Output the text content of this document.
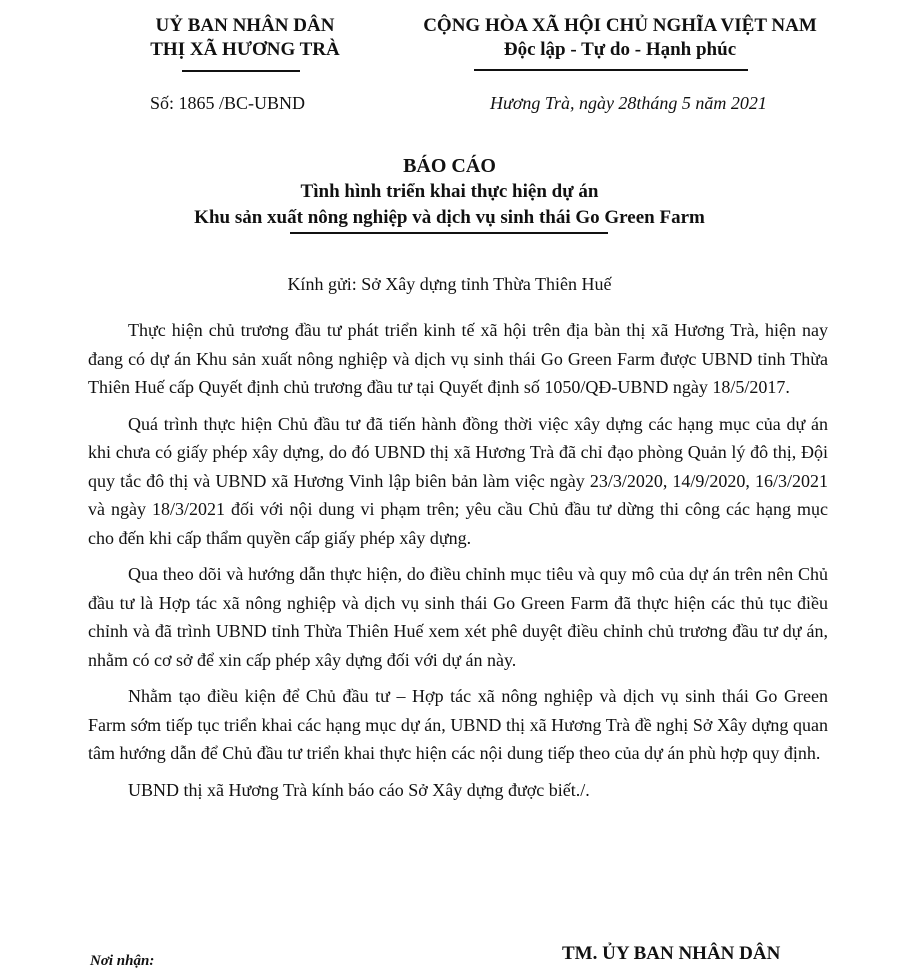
UỶ BAN NHÂN DÂN
THỊ XÃ HƯƠNG TRÀ
CỘNG HÒA XÃ HỘI CHỦ NGHĨA VIỆT NAM
Độc lập - Tự do - Hạnh phúc
Số: 1865 /BC-UBND	Hương Trà, ngày 28tháng 5 năm 2021
BÁO CÁO
Tình hình triển khai thực hiện dự án
Khu sản xuất nông nghiệp và dịch vụ sinh thái Go Green Farm
Kính gửi: Sở Xây dựng tỉnh Thừa Thiên Huế

Thực hiện chủ trương đầu tư phát triển kinh tế xã hội trên địa bàn thị xã Hương Trà, hiện nay đang có dự án Khu sản xuất nông nghiệp và dịch vụ sinh thái Go Green Farm được UBND tỉnh Thừa Thiên Huế cấp Quyết định chủ trương đầu tư tại Quyết định số 1050/QĐ-UBND ngày 18/5/2017.

Quá trình thực hiện Chủ đầu tư đã tiến hành đồng thời việc xây dựng các hạng mục của dự án khi chưa có giấy phép xây dựng, do đó UBND thị xã Hương Trà đã chỉ đạo phòng Quản lý đô thị, Đội quy tắc đô thị và UBND xã Hương Vinh lập biên bản làm việc ngày 23/3/2020, 14/9/2020, 16/3/2021 và ngày 18/3/2021 đối với nội dung vi phạm trên; yêu cầu Chủ đầu tư dừng thi công các hạng mục cho đến khi cấp thẩm quyền cấp giấy phép xây dựng.

Qua theo dõi và hướng dẫn thực hiện, do điều chỉnh mục tiêu và quy mô của dự án trên nên Chủ đầu tư là Hợp tác xã nông nghiệp và dịch vụ sinh thái Go Green Farm đã thực hiện các thủ tục điều chỉnh và đã trình UBND tỉnh Thừa Thiên Huế xem xét phê duyệt điều chỉnh chủ trương đầu tư dự án, nhằm có cơ sở để xin cấp phép xây dựng đối với dự án này.

Nhằm tạo điều kiện để Chủ đầu tư – Hợp tác xã nông nghiệp và dịch vụ sinh thái Go Green Farm sớm tiếp tục triển khai các hạng mục dự án, UBND thị xã Hương Trà đề nghị Sở Xây dựng quan tâm hướng dẫn để Chủ đầu tư triển khai thực hiện các nội dung tiếp theo của dự án phù hợp quy định.

UBND thị xã Hương Trà kính báo cáo Sở Xây dựng được biết./.

Nơi nhận:	TM. ỦY BAN NHÂN DÂN
